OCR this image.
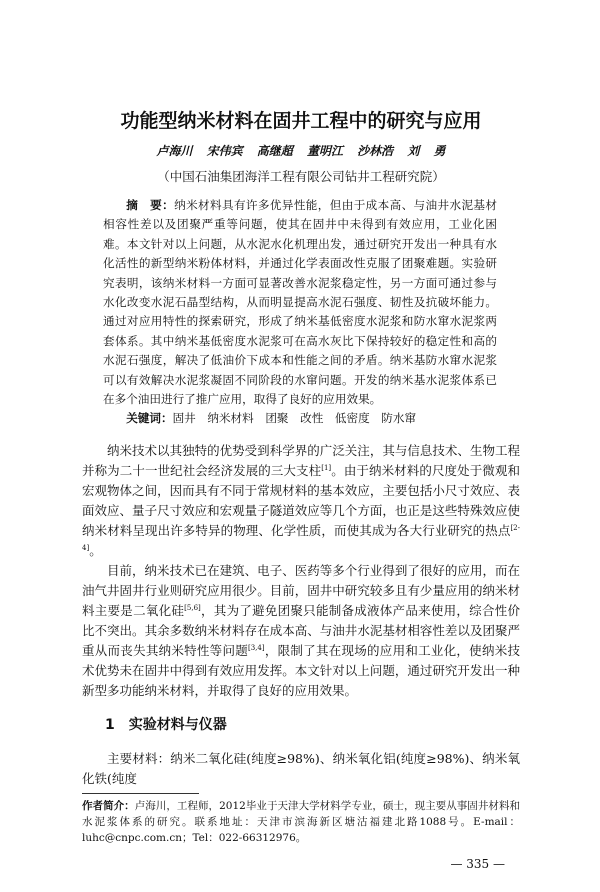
功能型纳米材料在固井工程中的研究与应用
卢海川 宋伟宾 高继超 董明江 沙林浩 刘 勇
（中国石油集团海洋工程有限公司钻井工程研究院）
摘　要：纳米材料具有许多优异性能，但由于成本高、与油井水泥基材相容性差以及团聚严重等问题，使其在固井中未得到有效应用，工业化困难。本文针对以上问题，从水泥水化机理出发，通过研究开发出一种具有水化活性的新型纳米粉体材料，并通过化学表面改性克服了团聚难题。实验研究表明，该纳米材料一方面可显著改善水泥浆稳定性，另一方面可通过参与水化改变水泥石晶型结构，从而明显提高水泥石强度、韧性及抗破坏能力。通过对应用特性的探索研究，形成了纳米基低密度水泥浆和防水窜水泥浆两套体系。其中纳米基低密度水泥浆可在高水灰比下保持较好的稳定性和高的水泥石强度，解决了低油价下成本和性能之间的矛盾。纳米基防水窜水泥浆可以有效解决水泥浆凝固不同阶段的水窜问题。开发的纳米基水泥浆体系已在多个油田进行了推广应用，取得了良好的应用效果。
关键词：固井　纳米材料　团聚　改性　低密度　防水窜

纳米技术以其独特的优势受到科学界的广泛关注，其与信息技术、生物工程并称为二十一世纪社会经济发展的三大支柱[1]。由于纳米材料的尺度处于微观和宏观物体之间，因而具有不同于常规材料的基本效应，主要包括小尺寸效应、表面效应、量子尺寸效应和宏观量子隧道效应等几个方面，也正是这些特殊效应使纳米材料呈现出许多特异的物理、化学性质，而使其成为各大行业研究的热点[2-4]。

目前，纳米技术已在建筑、电子、医药等多个行业得到了很好的应用，而在油气井固井行业则研究应用很少。目前，固井中研究较多且有少量应用的纳米材料主要是二氧化硅[5,6]，其为了避免团聚只能制备成液体产品来使用，综合性价比不突出。其余多数纳米材料存在成本高、与油井水泥基材相容性差以及团聚严重从而丧失其纳米特性等问题[3,4]，限制了其在现场的应用和工业化，使纳米技术优势未在固井中得到有效应用发挥。本文针对以上问题，通过研究开发出一种新型多功能纳米材料，并取得了良好的应用效果。

1 实验材料与仪器
主要材料：纳米二氧化硅(纯度≥98%)、纳米氧化铝(纯度≥98%)、纳米氧化铁(纯度
作者简介：卢海川，工程师，2012毕业于天津大学材料学专业，硕士，现主要从事固井材料和水泥浆体系的研究。联系地址：天津市滨海新区塘沽福建北路1088号。E-mail：luhc@cnpc.com.cn；Tel：022-66312976。
— 335 —
